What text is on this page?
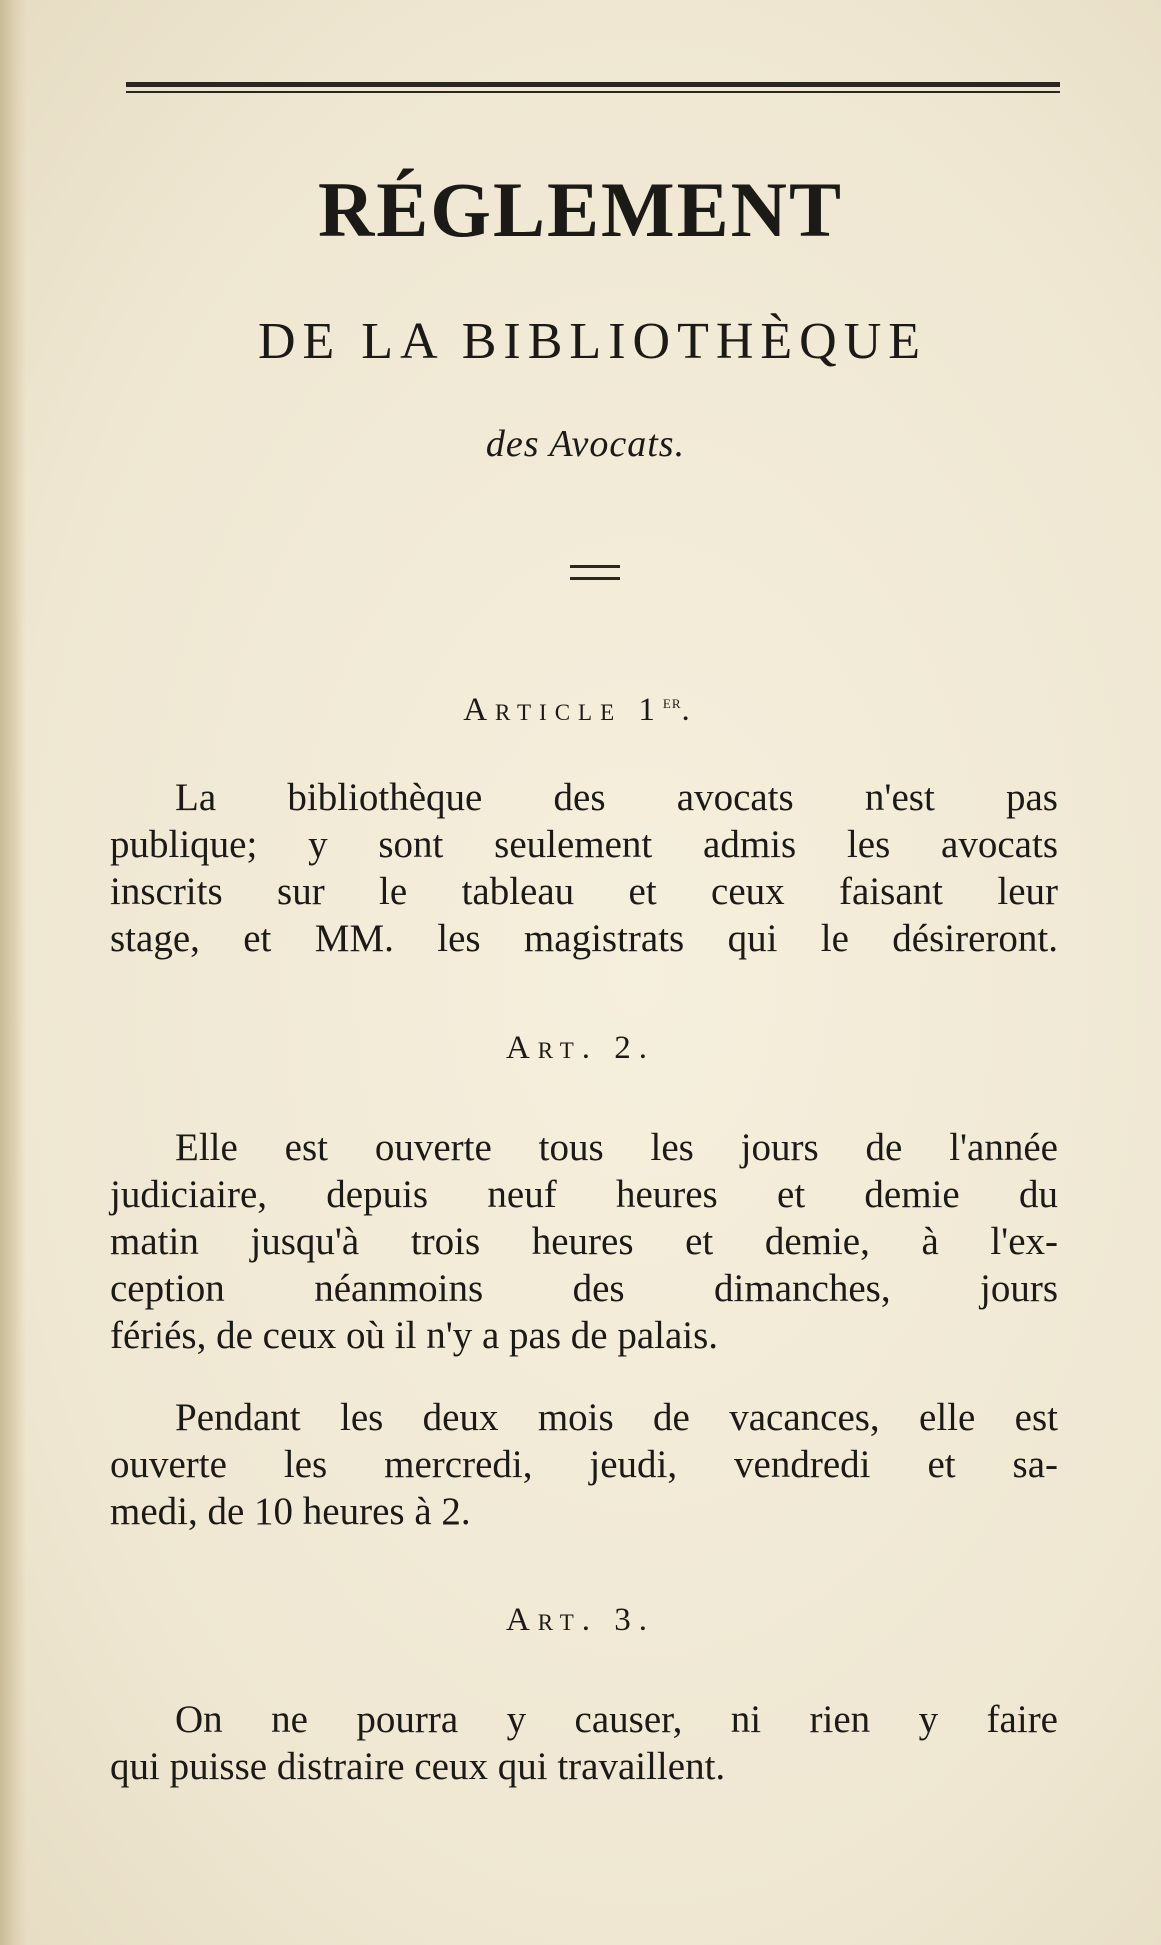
RÉGLEMENT
DE LA BIBLIOTHÈQUE
des Avocats.
Article 1er.
La bibliothèque des avocats n'est pas
publique; y sont seulement admis les avocats
inscrits sur le tableau et ceux faisant leur
stage, et MM. les magistrats qui le désireront.
Art. 2.
Elle est ouverte tous les jours de l'année
judiciaire, depuis neuf heures et demie du
matin jusqu'à trois heures et demie, à l'ex-
ception néanmoins des dimanches, jours
fériés, de ceux où il n'y a pas de palais.
Pendant les deux mois de vacances, elle est
ouverte les mercredi, jeudi, vendredi et sa-
medi, de 10 heures à 2.
Art. 3.
On ne pourra y causer, ni rien y faire
qui puisse distraire ceux qui travaillent.
